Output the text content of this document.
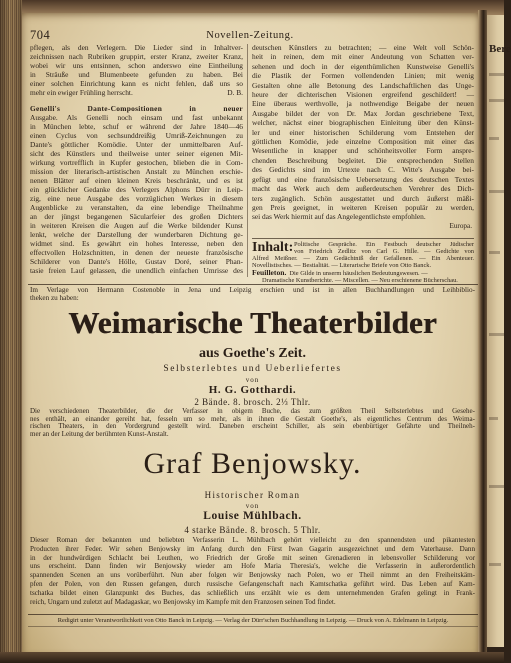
Bere
704	Novellen-Zeitung.
pflegen, als den Verlegern. Die Lieder sind in Inhaltver-
zeichnissen nach Rubriken gruppirt, erster Kranz, zweiter Kranz,
wobei wir uns entsinnen, schon anderswo eine Eintheilung
in Sträuße und Blumenbeete gefunden zu haben. Bei
einer solchen Einrichtung kann es nicht fehlen, daß uns so
mehr ein ewiger Frühling herrscht.	D. B.
Genelli's Dante-Compositionen in neuer
Ausgabe. Als Genelli noch einsam und fast unbekannt
in München lebte, schuf er während der Jahre 1840—46
einen Cyclus von sechsunddreißig Umriß-Zeichnungen zu
Dante's göttlicher Komödie. Unter der unmittelbaren Auf-
sicht des Künstlers und theilweise unter seiner eigenen Mit-
wirkung vortrefflich in Kupfer gestochen, blieben die in Com-
mission der literarisch-artistischen Anstalt zu München erschie-
nenen Blätter auf einen kleinen Kreis beschränkt, und es ist
ein glücklicher Gedanke des Verlegers Alphons Dürr in Leip-
zig, eine neue Ausgabe des vorzüglichen Werkes in diesem
Augenblicke zu veranstalten, da eine lebendige Theilnahme
an der jüngst begangenen Säcularfeier des großen Dichters
in weiteren Kreisen die Augen auf die Werke bildender Kunst
lenkt, welche der Darstellung der wunderbaren Dichtung ge-
widmet sind. Es gewährt ein hohes Interesse, neben den
effectvollen Holzschnitten, in denen der neueste französische
Schilderer von Dante's Hölle, Gustav Doré, seiner Phan-
tasie freien Lauf gelassen, die unendlich einfachen Umrisse des
deutschen Künstlers zu betrachten; — eine Welt voll Schön-
heit in reinen, dem mit einer Andeutung von Schatten ver-
sehenen und doch in der eigenthümlichen Kunstweise Genelli's
die Plastik der Formen vollendenden Linien; mit wenig
Gestalten ohne alle Betonung des Landschaftlichen das Unge-
heure der dichterischen Visionen ergreifend geschildert! —
Eine überaus werthvolle, ja nothwendige Beigabe der neuen
Ausgabe bildet der von Dr. Max Jordan geschriebene Text,
welcher, nächst einer biographischen Einleitung über den Künst-
ler und einer historischen Schilderung vom Entstehen der
göttlichen Komödie, jede einzelne Composition mit einer das
Wesentliche in knapper und schönheitsvoller Form anspre-
chenden Beschreibung begleitet. Die entsprechenden Stellen
des Gedichts sind im Urtexte nach C. Witte's Ausgabe bei-
gefügt und eine französische Uebersetzung des deutschen Textes
macht das Werk auch dem außerdeutschen Verehrer des Dich-
ters zugänglich. Schön ausgestattet und durch äußerst mäßi-
gen Preis geeignet, in weiteren Kreisen populär zu werden,
sei das Werk hiermit auf das Angelegentlichste empfohlen.
Europa.
Inhalt: Politische Gespräche. Ein Festbuch deutscher Jüdischer
von Friedrich Zedlitz von Carl G. Hille. — Gedichte von
Alfred Meißner. — Zum Gedächtniß der Gefallenen. — Ein Abenteuer.
Novellistisches. — Bestialität. — Literarische Briefe von Otto Banck.
Feuilleton. Die Gilde in unserm häuslichen Bedeutungswesen. —
Dramatische Kunstberichte. — Miscellen. — Neu erschienene Bücherschau.
Im Verlage von Hermann Costenoble in Jena und Leipzig erschien und ist in allen Buchhandlungen und Leihbiblio-
theken zu haben:
Weimarische Theaterbilder
aus Goethe's Zeit.
Selbsterlebtes und Ueberliefertes
von
H. G. Gotthardi.
2 Bände. 8. brosch. 2⅓ Thlr.
Die verschiedenen Theaterbilder, die der Verfasser in obigem Buche, das zum größten Theil Selbsterlebtes und Gesehe-
nes enthält, an einander gereiht hat, fesseln um so mehr, als in ihnen die Gestalt Goethe's, als eigentliches Centrum des Weima-
rischen Theaters, in den Vordergrund gestellt wird. Daneben erscheint Schiller, als sein ebenbürtiger Gefährte und Theilneh-
mer an der Leitung der berühmten Kunst-Anstalt.
Graf Benjowsky.
Historischer Roman
von
Louise Mühlbach.
4 starke Bände. 8. brosch. 5 Thlr.
Dieser Roman der bekannten und beliebten Verfasserin L. Mühlbach gehört vielleicht zu den spannendsten und pikantesten
Producten ihrer Feder. Wir sehen Benjowsky im Anfang durch den Fürst Iwan Gagarin ausgezeichnet und dem Vaterhause. Dann
in der hundwürdigen Schlacht bei Leuthen, wo Friedrich der Große mit seinen Grenadieren in lebensvoller Schilderung vor
uns erscheint. Dann finden wir Benjowsky wieder am Hofe Maria Theresia's, welche die Verfasserin in außerordentlich
spannenden Scenen an uns vorüberführt. Nun aber folgen wir Benjowsky nach Polen, wo er Theil nimmt an den Freiheitskäm-
pfen der Polen, von den Russen gefangen, durch russische Gefangenschaft nach Kamtschatka geführt wird. Das Leben auf Kam-
tschatka bildet einen Glanzpunkt des Buches, das schließlich uns erzählt wie es dem unternehmenden Grafen gelingt in Frank-
reich, Ungarn und zuletzt auf Madagaskar, wo Benjowsky im Kampfe mit den Franzosen seinen Tod findet.
Redigirt unter Verantwortlichkeit von Otto Banck in Leipzig. — Verlag der Dürr'schen Buchhandlung in Leipzig. — Druck von A. Edelmann in Leipzig.
